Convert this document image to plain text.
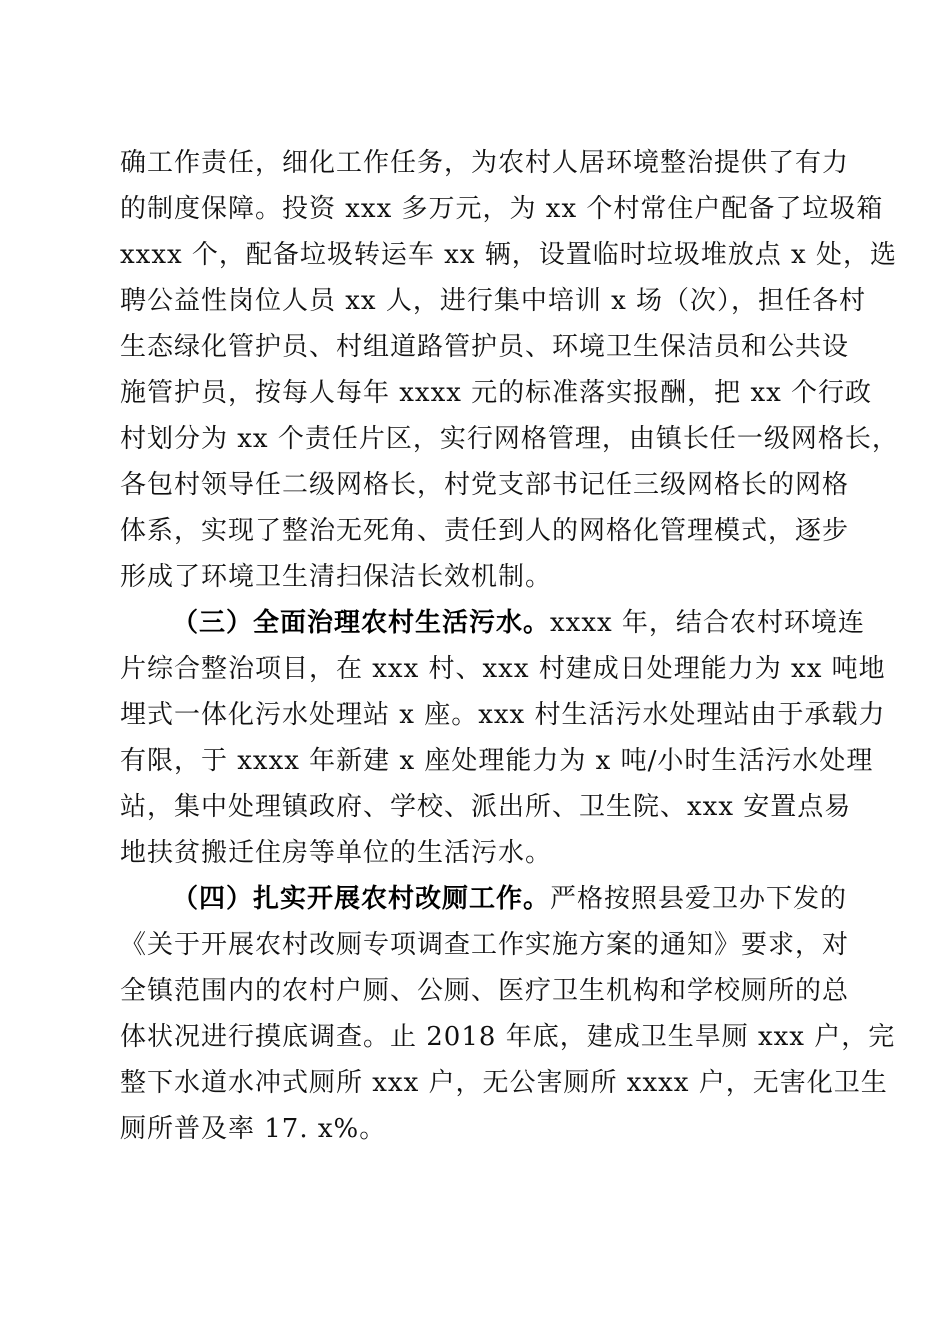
确工作责任，细化工作任务，为农村人居环境整治提供了有力
的制度保障。投资 xxx 多万元，为 xx 个村常住户配备了垃圾箱
xxxx 个，配备垃圾转运车 xx 辆，设置临时垃圾堆放点 x 处，选
聘公益性岗位人员 xx 人，进行集中培训 x 场（次），担任各村
生态绿化管护员、村组道路管护员、环境卫生保洁员和公共设
施管护员，按每人每年 xxxx 元的标准落实报酬，把 xx 个行政
村划分为 xx 个责任片区，实行网格管理，由镇长任一级网格长，
各包村领导任二级网格长，村党支部书记任三级网格长的网格
体系，实现了整治无死角、责任到人的网格化管理模式，逐步
形成了环境卫生清扫保洁长效机制。
（三）全面治理农村生活污水。xxxx 年，结合农村环境连
片综合整治项目，在 xxx 村、xxx 村建成日处理能力为 xx 吨地
埋式一体化污水处理站 x 座。xxx 村生活污水处理站由于承载力
有限，于 xxxx 年新建 x 座处理能力为 x 吨/小时生活污水处理
站，集中处理镇政府、学校、派出所、卫生院、xxx 安置点易
地扶贫搬迁住房等单位的生活污水。
（四）扎实开展农村改厕工作。严格按照县爱卫办下发的
《关于开展农村改厕专项调查工作实施方案的通知》要求，对
全镇范围内的农村户厕、公厕、医疗卫生机构和学校厕所的总
体状况进行摸底调查。止 2018 年底，建成卫生旱厕 xxx 户，完
整下水道水冲式厕所 xxx 户，无公害厕所 xxxx 户，无害化卫生
厕所普及率 17. x%。
